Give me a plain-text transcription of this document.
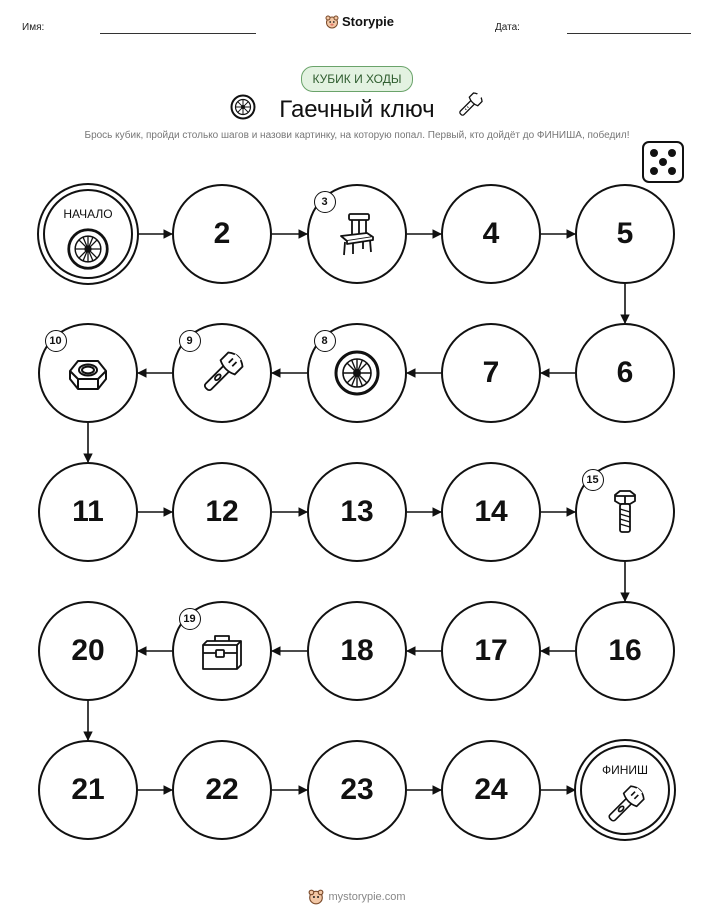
Имя:	Storypie	Дата:
КУБИК И ХОДЫ
Гаечный ключ
Брось кубик, пройди столько шагов и назови картинку, на которую попал. Первый, кто дойдёт до ФИНИША, победил!
НАЧАЛО
2
3
4	5
6
7
8
9
10
11	12	13	14
15
16
17
18
19
20
21	22	23	24
ФИНИШ
mystorypie.com
